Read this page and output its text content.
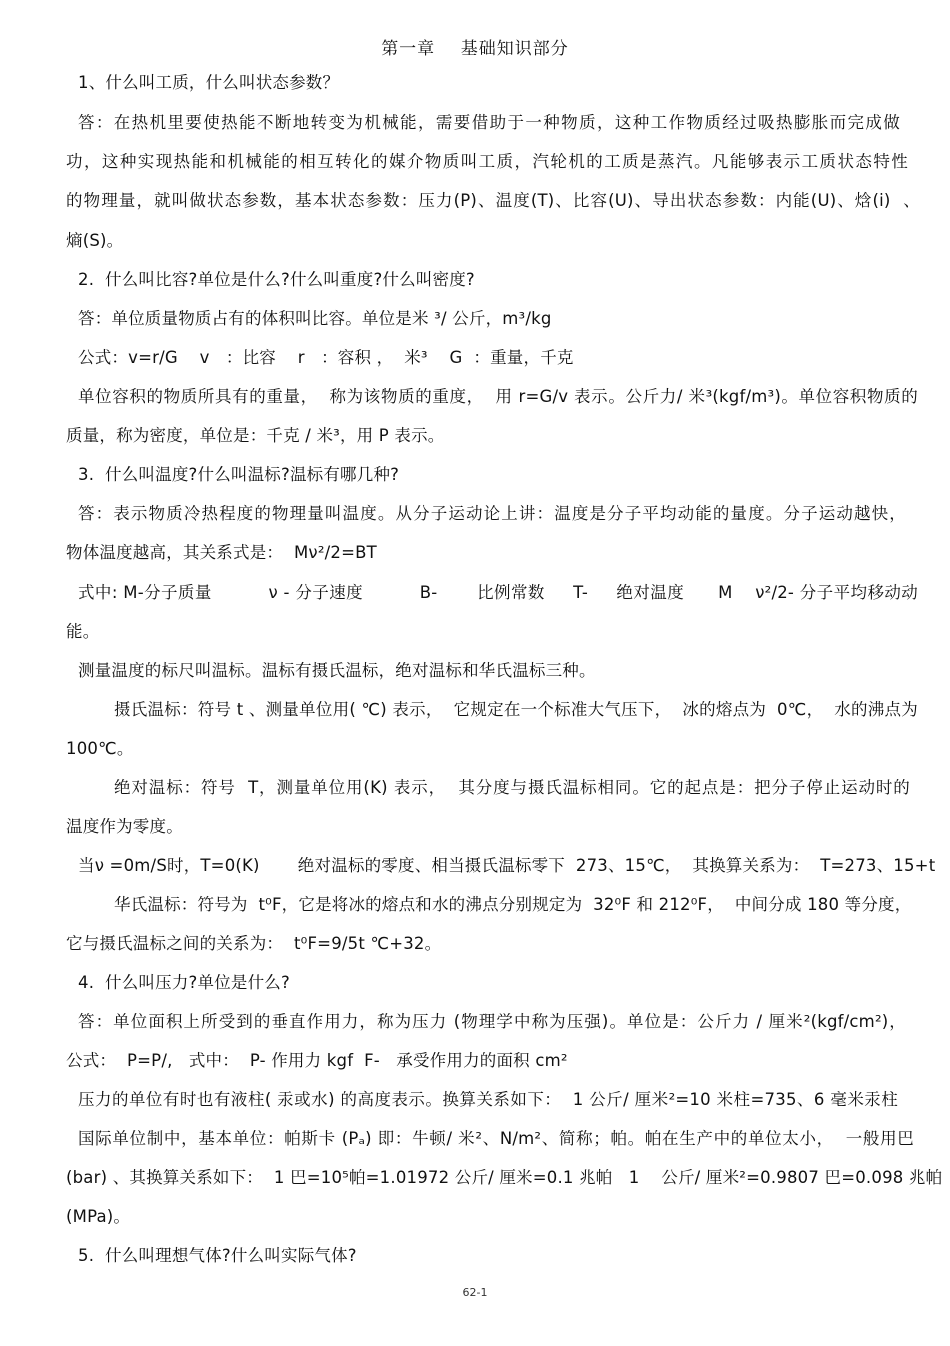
第一章    基础知识部分
1、什么叫工质，什么叫状态参数？
答：在热机里要使热能不断地转变为机械能，需要借助于一种物质，这种工作物质经过吸热膨胀而完成做
功，这种实现热能和机械能的相互转化的媒介物质叫工质，汽轮机的工质是蒸汽。凡能够表示工质状态特性
的物理量，就叫做状态参数，基本状态参数：压力(P)、温度(T)、比容(U)、导出状态参数：内能(U)、焓(i)  、
熵(S)。
2.  什么叫比容?单位是什么?什么叫重度?什么叫密度?
答：单位质量物质占有的体积叫比容。单位是米 ³/ 公斤，m³/kg
公式：v=r/G    v   ：比容    r   ：容积 ，  米³    G  ：重量，千克
单位容积的物质所具有的重量，  称为该物质的重度，  用 r=G/v 表示。公斤力/ 米³(kgf/m³)。单位容积物质的
质量，称为密度，单位是：千克 / 米³，用 P 表示。
3.  什么叫温度?什么叫温标?温标有哪几种?
答：表示物质冷热程度的物理量叫温度。从分子运动论上讲：温度是分子平均动能的量度。分子运动越快，
物体温度越高，其关系式是：  Mν²/2=BT
式中: M-分子质量          ν - 分子速度          B-       比例常数     T-     绝对温度      M    ν²/2- 分子平均移动动
能。
测量温度的标尺叫温标。温标有摄氏温标，绝对温标和华氏温标三种。
摄氏温标：符号 t 、测量单位用( ℃) 表示，  它规定在一个标准大气压下，  冰的熔点为  0℃，  水的沸点为
100℃。
绝对温标：符号  T，测量单位用(K) 表示，  其分度与摄氏温标相同。它的起点是：把分子停止运动时的
温度作为零度。
当ν =0m/S时，T=0(K)       绝对温标的零度、相当摄氏温标零下  273、15℃，  其换算关系为：  T=273、15+t
华氏温标：符号为  t⁰F，它是将冰的熔点和水的沸点分别规定为  32⁰F 和 212⁰F，  中间分成 180 等分度，
它与摄氏温标之间的关系为：  t⁰F=9/5t ℃+32。
4.  什么叫压力?单位是什么?
答：单位面积上所受到的垂直作用力，称为压力 (物理学中称为压强)。单位是：公斤力 / 厘米²(kgf/cm²)，
公式：  P=P/,   式中：  P- 作用力 kgf  F-   承受作用力的面积 cm²
压力的单位有时也有液柱( 汞或水) 的高度表示。换算关系如下：  1 公斤/ 厘米²=10 米柱=735、6 毫米汞柱
国际单位制中，基本单位：帕斯卡 (Pₐ) 即：牛顿/ 米²、N/m²、简称；帕。帕在生产中的单位太小，  一般用巴
(bar) 、其换算关系如下：  1 巴=10⁵帕=1.01972 公斤/ 厘米=0.1 兆帕   1    公斤/ 厘米²=0.9807 巴=0.098 兆帕
(MPa)。
5.  什么叫理想气体?什么叫实际气体?
62-1
